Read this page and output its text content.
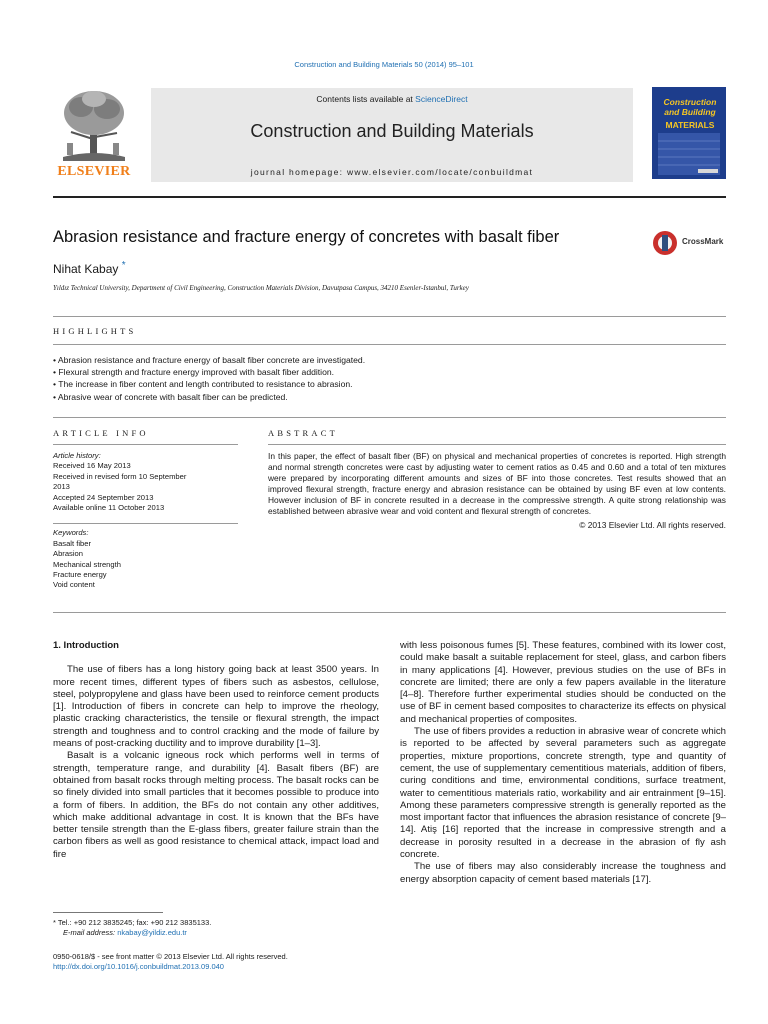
Construction and Building Materials 50 (2014) 95–101
ELSEVIER
Contents lists available at ScienceDirect
Construction and Building Materials
journal homepage: www.elsevier.com/locate/conbuildmat
Construction and Building
MATERIALS
Abrasion resistance and fracture energy of concretes with basalt fiber	CrossMark
Nihat Kabay *
Yıldız Technical University, Department of Civil Engineering, Construction Materials Division, Davutpasa Campus, 34210 Esenler-Istanbul, Turkey
HIGHLIGHTS
• Abrasion resistance and fracture energy of basalt fiber concrete are investigated.
• Flexural strength and fracture energy improved with basalt fiber addition.
• The increase in fiber content and length contributed to resistance to abrasion.
• Abrasive wear of concrete with basalt fiber can be predicted.
ARTICLE INFO	ABSTRACT
Article history:
Received 16 May 2013
Received in revised form 10 September
2013
Accepted 24 September 2013
Available online 11 October 2013
Keywords:
Basalt fiber
Abrasion
Mechanical strength
Fracture energy
Void content
In this paper, the effect of basalt fiber (BF) on physical and mechanical properties of concretes is reported. High strength and normal strength concretes were cast by adjusting water to cement ratios as 0.45 and 0.60 and a total of ten mixtures were prepared by incorporating different amounts and sizes of BF into those concretes. Test results showed that an improved flexural strength, fracture energy and abrasion resistance can be obtained by using BF even at low contents. However inclusion of BF in concrete resulted in a decrease in the compressive strength. A quite strong relationship was established between abrasive wear and void content and flexural strength of concretes.
© 2013 Elsevier Ltd. All rights reserved.
1. Introduction

The use of fibers has a long history going back at least 3500 years. In more recent times, different types of fibers such as asbestos, cellulose, steel, polypropylene and glass have been used to reinforce cement products [1]. Introduction of fibers in concrete can help to improve the rheology, plastic cracking characteristics, the tensile or flexural strength, the impact strength and toughness and to control cracking and the mode of failure by means of post-cracking ductility and to improve durability [1–3].

Basalt is a volcanic igneous rock which performs well in terms of strength, temperature range, and durability [4]. Basalt fibers (BF) are obtained from basalt rocks through melting process. The basalt rocks can be so finely divided into small particles that it becomes possible to produce into a form of fibers. In addition, the BFs do not contain any other additives, which make additional advantage in cost. It is known that the BFs have better tensile strength than the E-glass fibers, greater failure strain than the carbon fibers as well as good resistance to chemical attack, impact load and fire

with less poisonous fumes [5]. These features, combined with its lower cost, could make basalt a suitable replacement for steel, glass, and carbon fibers in many applications [4]. However, previous studies on the use of BFs in concrete are limited; there are only a few papers available in the literature [4–8]. Therefore further experimental studies should be conducted on the use of BF in cement based composites to characterize its effects on physical and mechanical properties of composites.

The use of fibers provides a reduction in abrasive wear of concrete which is reported to be affected by several parameters such as aggregate properties, mixture proportions, concrete strength, type and quantity of cement, the use of supplementary cementitious materials, addition of fibers, curing conditions and time, environmental conditions, surface treatment, water to cementitious materials ratio, workability and air entrainment [9–15]. Among these parameters compressive strength is generally reported as the most important factor that influences the abrasion resistance of concrete [9–14]. Atiş [16] reported that the increase in compressive strength and a decrease in porosity resulted in a decrease in the abrasion of fly ash concrete.

The use of fibers may also considerably increase the toughness and energy absorption capacity of cement based materials [17].

* Tel.: +90 212 3835245; fax: +90 212 3835133.
E-mail address: nkabay@yildiz.edu.tr
0950-0618/$ - see front matter © 2013 Elsevier Ltd. All rights reserved.
http://dx.doi.org/10.1016/j.conbuildmat.2013.09.040
